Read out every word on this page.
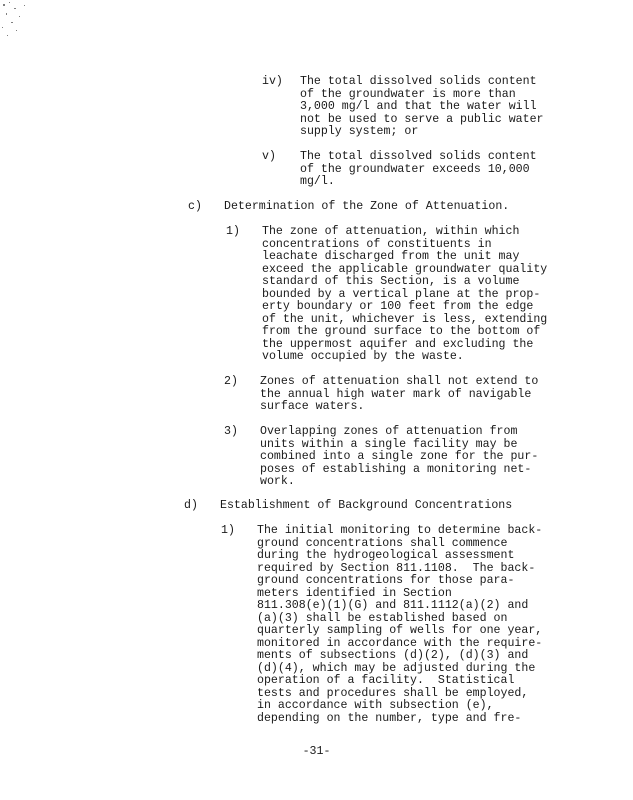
iv) The total dissolved solids content
of the groundwater is more than
3,000 mg/l and that the water will
not be used to serve a public water
supply system; or
v) The total dissolved solids content
of the groundwater exceeds 10,000
mg/l.
c) Determination of the Zone of Attenuation.
1) The zone of attenuation, within which
concentrations of constituents in
leachate discharged from the unit may
exceed the applicable groundwater quality
standard of this Section, is a volume
bounded by a vertical plane at the prop-
erty boundary or 100 feet from the edge
of the unit, whichever is less, extending
from the ground surface to the bottom of
the uppermost aquifer and excluding the
volume occupied by the waste.
2) Zones of attenuation shall not extend to
the annual high water mark of navigable
surface waters.
3) Overlapping zones of attenuation from
units within a single facility may be
combined into a single zone for the pur-
poses of establishing a monitoring net-
work.
d) Establishment of Background Concentrations
1) The initial monitoring to determine back-
ground concentrations shall commence
during the hydrogeological assessment
required by Section 811.1108.  The back-
ground concentrations for those para-
meters identified in Section
811.308(e)(1)(G) and 811.1112(a)(2) and
(a)(3) shall be established based on
quarterly sampling of wells for one year,
monitored in accordance with the require-
ments of subsections (d)(2), (d)(3) and
(d)(4), which may be adjusted during the
operation of a facility.  Statistical
tests and procedures shall be employed,
in accordance with subsection (e),
depending on the number, type and fre-
-31-
